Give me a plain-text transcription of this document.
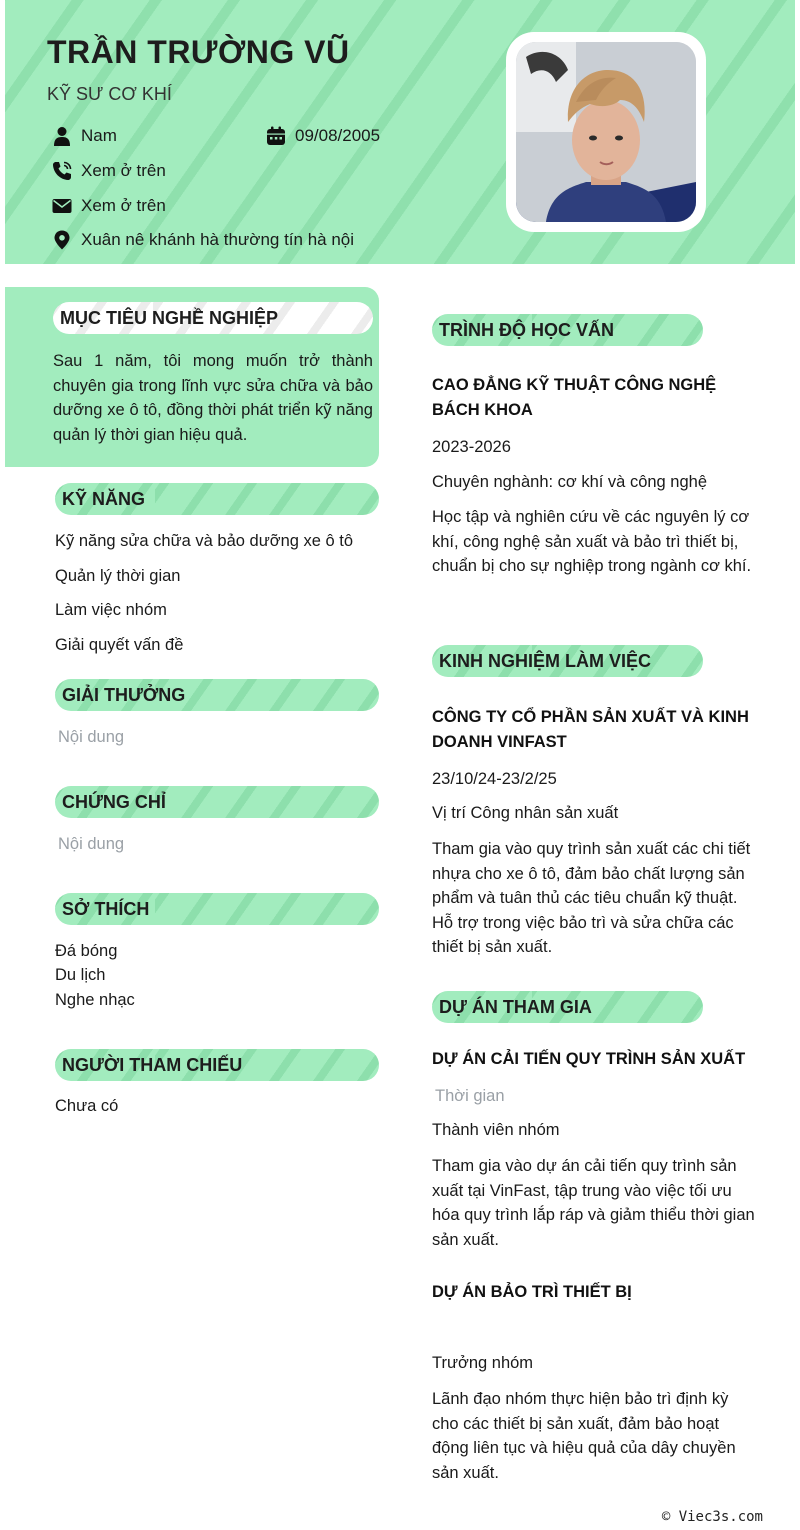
TRẦN TRƯỜNG VŨ
KỸ SƯ CƠ KHÍ
Nam	09/08/2005
Xem ở trên
Xem ở trên
Xuân nê khánh hà thường tín hà nội
MỤC TIÊU NGHỀ NGHIỆP
Sau 1 năm, tôi mong muốn trở thành chuyên gia trong lĩnh vực sửa chữa và bảo dưỡng xe ô tô, đồng thời phát triển kỹ năng quản lý thời gian hiệu quả.
KỸ NĂNG
Kỹ năng sửa chữa và bảo dưỡng xe ô tô
Quản lý thời gian
Làm việc nhóm
Giải quyết vấn đề
GIẢI THƯỞNG
Nội dung
CHỨNG CHỈ
Nội dung
SỞ THÍCH
Đá bóng
Du lịch
Nghe nhạc
NGƯỜI THAM CHIẾU
Chưa có
TRÌNH ĐỘ HỌC VẤN
CAO ĐẲNG KỸ THUẬT CÔNG NGHỆ BÁCH KHOA
2023-2026
Chuyên nghành: cơ khí và công nghệ
Học tập và nghiên cứu về các nguyên lý cơ khí, công nghệ sản xuất và bảo trì thiết bị, chuẩn bị cho sự nghiệp trong ngành cơ khí.
KINH NGHIỆM LÀM VIỆC
CÔNG TY CỔ PHẦN SẢN XUẤT VÀ KINH DOANH VINFAST
23/10/24-23/2/25
Vị trí Công nhân sản xuất
Tham gia vào quy trình sản xuất các chi tiết nhựa cho xe ô tô, đảm bảo chất lượng sản phẩm và tuân thủ các tiêu chuẩn kỹ thuật. Hỗ trợ trong việc bảo trì và sửa chữa các thiết bị sản xuất.
DỰ ÁN THAM GIA
DỰ ÁN CẢI TIẾN QUY TRÌNH SẢN XUẤT
Thời gian
Thành viên nhóm
Tham gia vào dự án cải tiến quy trình sản xuất tại VinFast, tập trung vào việc tối ưu hóa quy trình lắp ráp và giảm thiểu thời gian sản xuất.
DỰ ÁN BẢO TRÌ THIẾT BỊ
Trưởng nhóm
Lãnh đạo nhóm thực hiện bảo trì định kỳ cho các thiết bị sản xuất, đảm bảo hoạt động liên tục và hiệu quả của dây chuyền sản xuất.
© Viec3s.com
